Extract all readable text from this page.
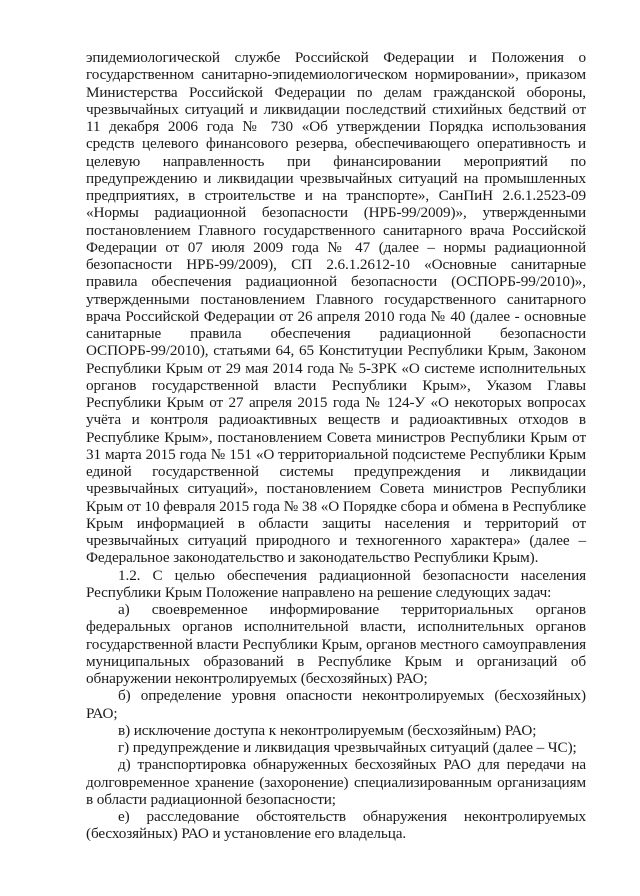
эпидемиологической службе Российской Федерации и Положения о государственном санитарно-эпидемиологическом нормировании», приказом Министерства Российской Федерации по делам гражданской обороны, чрезвычайных ситуаций и ликвидации последствий стихийных бедствий от 11 декабря 2006 года № 730 «Об утверждении Порядка использования средств целевого финансового резерва, обеспечивающего оперативность и целевую направленность при финансировании мероприятий по предупреждению и ликвидации чрезвычайных ситуаций на промышленных предприятиях, в строительстве и на транспорте», СанПиН 2.6.1.2523-09 «Нормы радиационной безопасности (НРБ-99/2009)», утвержденными постановлением Главного государственного санитарного врача Российской Федерации от 07 июля 2009 года № 47 (далее – нормы радиационной безопасности НРБ-99/2009), СП 2.6.1.2612-10 «Основные санитарные правила обеспечения радиационной безопасности (ОСПОРБ-99/2010)», утвержденными постановлением Главного государственного санитарного врача Российской Федерации от 26 апреля 2010 года № 40 (далее - основные санитарные правила обеспечения радиационной безопасности ОСПОРБ-99/2010), статьями 64, 65 Конституции Республики Крым, Законом Республики Крым от 29 мая 2014 года № 5-ЗРК «О системе исполнительных органов государственной власти Республики Крым», Указом Главы Республики Крым от 27 апреля 2015 года № 124-У «О некоторых вопросах учёта и контроля радиоактивных веществ и радиоактивных отходов в Республике Крым», постановлением Совета министров Республики Крым от 31 марта 2015 года № 151 «О территориальной подсистеме Республики Крым единой государственной системы предупреждения и ликвидации чрезвычайных ситуаций», постановлением Совета министров Республики Крым от 10 февраля 2015 года № 38 «О Порядке сбора и обмена в Республике Крым информацией в области защиты населения и территорий от чрезвычайных ситуаций природного и техногенного характера» (далее – Федеральное законодательство и законодательство Республики Крым).

1.2. С целью обеспечения радиационной безопасности населения Республики Крым Положение направлено на решение следующих задач:

а) своевременное информирование территориальных органов федеральных органов исполнительной власти, исполнительных органов государственной власти Республики Крым, органов местного самоуправления муниципальных образований в Республике Крым и организаций об обнаружении неконтролируемых (бесхозяйных) РАО;

б) определение уровня опасности неконтролируемых (бесхозяйных) РАО;

в) исключение доступа к неконтролируемым (бесхозяйным) РАО;

г) предупреждение и ликвидация чрезвычайных ситуаций (далее – ЧС);

д) транспортировка обнаруженных бесхозяйных РАО для передачи на долговременное хранение (захоронение) специализированным организациям в области радиационной безопасности;

е) расследование обстоятельств обнаружения неконтролируемых (бесхозяйных) РАО и установление его владельца.
